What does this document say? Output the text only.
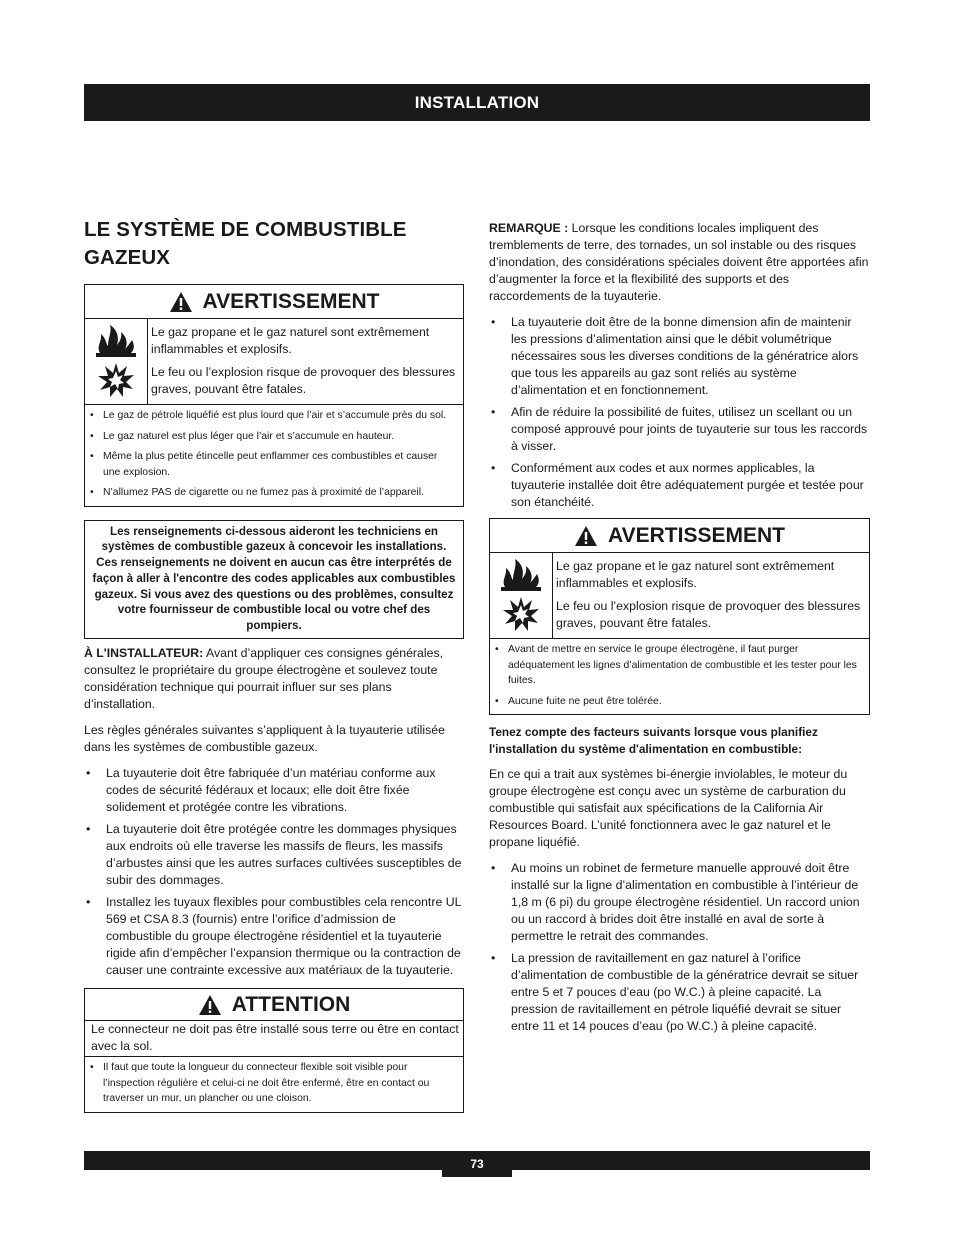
INSTALLATION
LE SYSTÈME DE COMBUSTIBLE GAZEUX
AVERTISSEMENT

Le gaz propane et le gaz naturel sont extrêmement inflammables et explosifs.

Le feu ou l’explosion risque de provoquer des blessures graves, pouvant être fatales.

• Le gaz de pétrole liquéfié est plus lourd que l’air et s’accumule près du sol.
• Le gaz naturel est plus léger que l’air et s’accumule en hauteur.
• Même la plus petite étincelle peut enflammer ces combustibles et causer une explosion.
• N’allumez PAS de cigarette ou ne fumez pas à proximité de l’appareil.
Les renseignements ci-dessous aideront les techniciens en systèmes de combustible gazeux à concevoir les installations. Ces renseignements ne doivent en aucun cas être interprétés de façon à aller à l'encontre des codes applicables aux combustibles gazeux. Si vous avez des questions ou des problèmes, consultez votre fournisseur de combustible local ou votre chef des pompiers.

À L'INSTALLATEUR: Avant d’appliquer ces consignes générales, consultez le propriétaire du groupe électrogène et soulevez toute considération technique qui pourrait influer sur ses plans d’installation.

Les règles générales suivantes s’appliquent à la tuyauterie utilisée dans les systèmes de combustible gazeux.

• La tuyauterie doit être fabriquée d’un matériau conforme aux codes de sécurité fédéraux et locaux; elle doit être fixée solidement et protégée contre les vibrations.
• La tuyauterie doit être protégée contre les dommages physiques aux endroits où elle traverse les massifs de fleurs, les massifs d’arbustes ainsi que les autres surfaces cultivées susceptibles de subir des dommages.
• Installez les tuyaux flexibles pour combustibles cela rencontre UL 569 et CSA 8.3 (fournis) entre l’orifice d’admission de combustible du groupe électrogène résidentiel et la tuyauterie rigide afin d’empêcher l’expansion thermique ou la contraction de causer une contrainte excessive aux matériaux de la tuyauterie.
ATTENTION
Le connecteur ne doit pas être installé sous terre ou être en contact avec la sol.
• Il faut que toute la longueur du connecteur flexible soit visible pour l’inspection régulière et celui-ci ne doit être enfermé, être en contact ou traverser un mur, un plancher ou une cloison.

REMARQUE : Lorsque les conditions locales impliquent des tremblements de terre, des tornades, un sol instable ou des risques d’inondation, des considérations spéciales doivent être apportées afin d’augmenter la force et la flexibilité des supports et des raccordements de la tuyauterie.

• La tuyauterie doit être de la bonne dimension afin de maintenir les pressions d’alimentation ainsi que le débit volumétrique nécessaires sous les diverses conditions de la génératrice alors que tous les appareils au gaz sont reliés au système d’alimentation et en fonctionnement.
• Afin de réduire la possibilité de fuites, utilisez un scellant ou un composé approuvé pour joints de tuyauterie sur tous les raccords à visser.
• Conformément aux codes et aux normes applicables, la tuyauterie installée doit être adéquatement purgée et testée pour son étanchéité.
AVERTISSEMENT

Le gaz propane et le gaz naturel sont extrêmement inflammables et explosifs.

Le feu ou l’explosion risque de provoquer des blessures graves, pouvant être fatales.

• Avant de mettre en service le groupe électrogène, il faut purger adéquatement les lignes d’alimentation de combustible et les tester pour les fuites.
• Aucune fuite ne peut être tolérée.

Tenez compte des facteurs suivants lorsque vous planifiez l'installation du système d'alimentation en combustible:

En ce qui a trait aux systèmes bi-énergie inviolables, le moteur du groupe électrogène est conçu avec un système de carburation du combustible qui satisfait aux spécifications de la California Air Resources Board. L’unité fonctionnera avec le gaz naturel et le propane liquéfié.

• Au moins un robinet de fermeture manuelle approuvé doit être installé sur la ligne d’alimentation en combustible à l’intérieur de 1,8 m (6 pi) du groupe électrogène résidentiel. Un raccord union ou un raccord à brides doit être installé en aval de sorte à permettre le retrait des commandes.
• La pression de ravitaillement en gaz naturel à l’orifice d’alimentation de combustible de la génératrice devrait se situer entre 5 et 7 pouces d’eau (po W.C.) à pleine capacité. La pression de ravitaillement en pétrole liquéfié devrait se situer entre 11 et 14 pouces d’eau (po W.C.) à pleine capacité.
73
